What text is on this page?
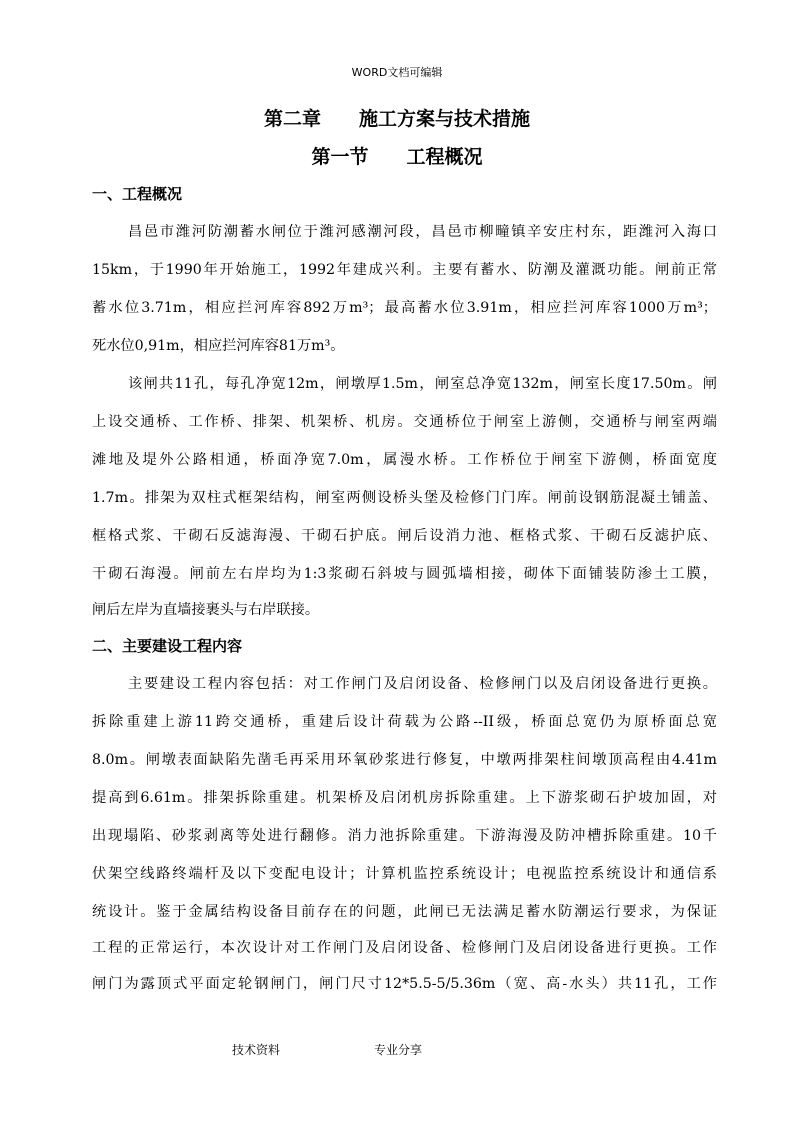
WORD文档可编辑
第二章　　施工方案与技术措施
第一节　　工程概况
一、工程概况
昌邑市潍河防潮蓄水闸位于潍河感潮河段，昌邑市柳疃镇辛安庄村东，距潍河入海口
15km，于1990年开始施工，1992年建成兴利。主要有蓄水、防潮及灌溉功能。闸前正常
蓄水位3.71m，相应拦河库容892万m³；最高蓄水位3.91m，相应拦河库容1000万m³；
死水位0,91m，相应拦河库容81万m³。
该闸共11孔，每孔净宽12m，闸墩厚1.5m，闸室总净宽132m，闸室长度17.50m。闸
上设交通桥、工作桥、排架、机架桥、机房。交通桥位于闸室上游侧，交通桥与闸室两端
滩地及堤外公路相通，桥面净宽7.0m，属漫水桥。工作桥位于闸室下游侧，桥面宽度
1.7m。排架为双柱式框架结构，闸室两侧设桥头堡及检修门门库。闸前设钢筋混凝土铺盖、
框格式浆、干砌石反滤海漫、干砌石护底。闸后设消力池、框格式浆、干砌石反滤护底、
干砌石海漫。闸前左右岸均为1:3浆砌石斜坡与圆弧墙相接，砌体下面铺装防渗土工膜，
闸后左岸为直墙接裹头与右岸联接。
二、主要建设工程内容
主要建设工程内容包括：对工作闸门及启闭设备、检修闸门以及启闭设备进行更换。
拆除重建上游11跨交通桥，重建后设计荷载为公路--II级，桥面总宽仍为原桥面总宽
8.0m。闸墩表面缺陷先凿毛再采用环氧砂浆进行修复，中墩两排架柱间墩顶高程由4.41m
提高到6.61m。排架拆除重建。机架桥及启闭机房拆除重建。上下游浆砌石护坡加固，对
出现塌陷、砂浆剥离等处进行翻修。消力池拆除重建。下游海漫及防冲槽拆除重建。10千
伏架空线路终端杆及以下变配电设计；计算机监控系统设计；电视监控系统设计和通信系
统设计。鉴于金属结构设备目前存在的问题，此闸已无法满足蓄水防潮运行要求，为保证
工程的正常运行，本次设计对工作闸门及启闭设备、检修闸门及启闭设备进行更换。工作
闸门为露顶式平面定轮钢闸门，闸门尺寸12*5.5-5/5.36m（宽、高-水头）共11孔，工作
技术资料	专业分享
